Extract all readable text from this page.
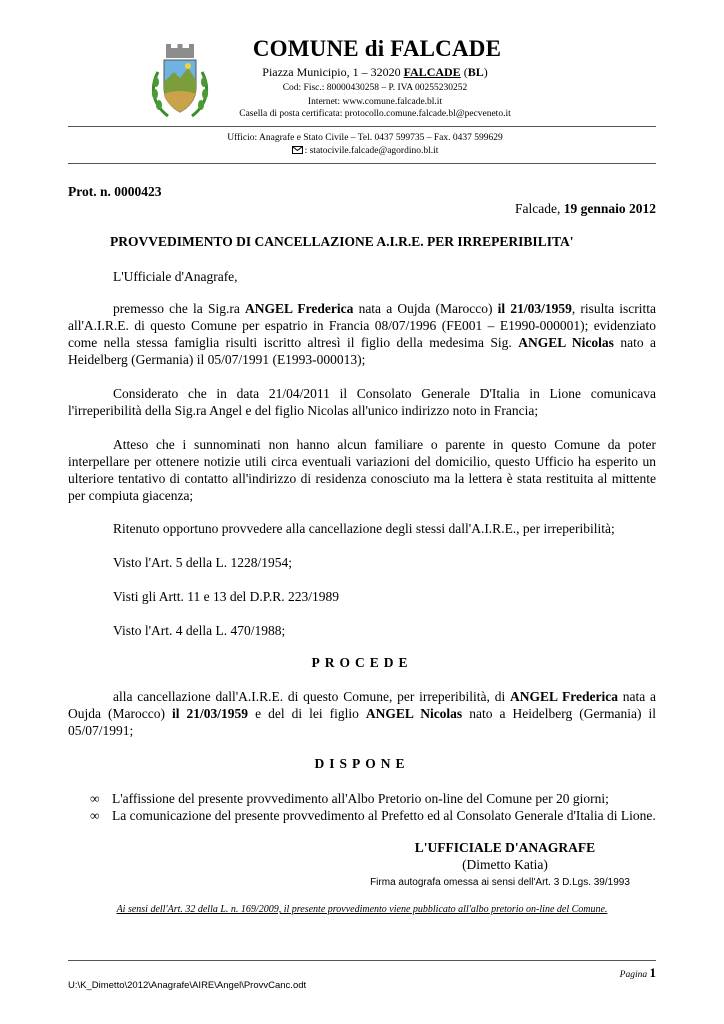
COMUNE di FALCADE
Piazza Municipio, 1 – 32020 FALCADE (BL)
Cod: Fisc.: 80000430258 – P. IVA 00255230252
Internet: www.comune.falcade.bl.it
Casella di posta certificata: protocollo.comune.falcade.bl@pecveneto.it
Ufficio: Anagrafe e Stato Civile – Tel. 0437 599735 – Fax. 0437 599629
: statocivile.falcade@agordino.bl.it
Prot. n. 0000423
Falcade, 19 gennaio 2012
PROVVEDIMENTO DI CANCELLAZIONE A.I.R.E. PER IRREPERIBILITA'

L'Ufficiale d'Anagrafe,

premesso che la Sig.ra ANGEL Frederica nata a Oujda (Marocco) il 21/03/1959, risulta iscritta all'A.I.R.E. di questo Comune per espatrio in Francia 08/07/1996 (FE001 – E1990-000001); evidenziato come nella stessa famiglia risulti iscritto altresì il figlio della medesima Sig. ANGEL Nicolas nato a Heidelberg (Germania) il 05/07/1991 (E1993-000013);

Considerato che in data 21/04/2011 il Consolato Generale D'Italia in Lione comunicava l'irreperibilità della Sig.ra Angel e del figlio Nicolas all'unico indirizzo noto in Francia;

Atteso che i sunnominati non hanno alcun familiare o parente in questo Comune da poter interpellare per ottenere notizie utili circa eventuali variazioni del domicilio, questo Ufficio ha esperito un ulteriore tentativo di contatto all'indirizzo di residenza conosciuto ma la lettera è stata restituita al mittente per compiuta giacenza;

Ritenuto opportuno provvedere alla cancellazione degli stessi dall'A.I.R.E., per irreperibilità;

Visto l'Art. 5 della L. 1228/1954;

Visti gli Artt. 11 e 13 del D.P.R. 223/1989

Visto l'Art. 4 della L. 470/1988;

PROCEDE

alla cancellazione dall'A.I.R.E. di questo Comune, per irreperibilità, di ANGEL Frederica nata a Oujda (Marocco) il 21/03/1959 e del di lei figlio ANGEL Nicolas nato a Heidelberg (Germania) il 05/07/1991;

DISPONE
∞ L'affissione del presente provvedimento all'Albo Pretorio on-line del Comune per 20 giorni;
∞ La comunicazione del presente provvedimento al Prefetto ed al Consolato Generale d'Italia di Lione.
L'UFFICIALE D'ANAGRAFE
(Dimetto Katia)
Firma autografa omessa ai sensi dell'Art. 3 D.Lgs. 39/1993
Ai sensi dell'Art. 32 della L. n. 169/2009, il presente provvedimento viene pubblicato all'albo pretorio on-line del Comune.
Pagina 1
U:\K_Dimetto\2012\Anagrafe\AIRE\Angel\ProvvCanc.odt
